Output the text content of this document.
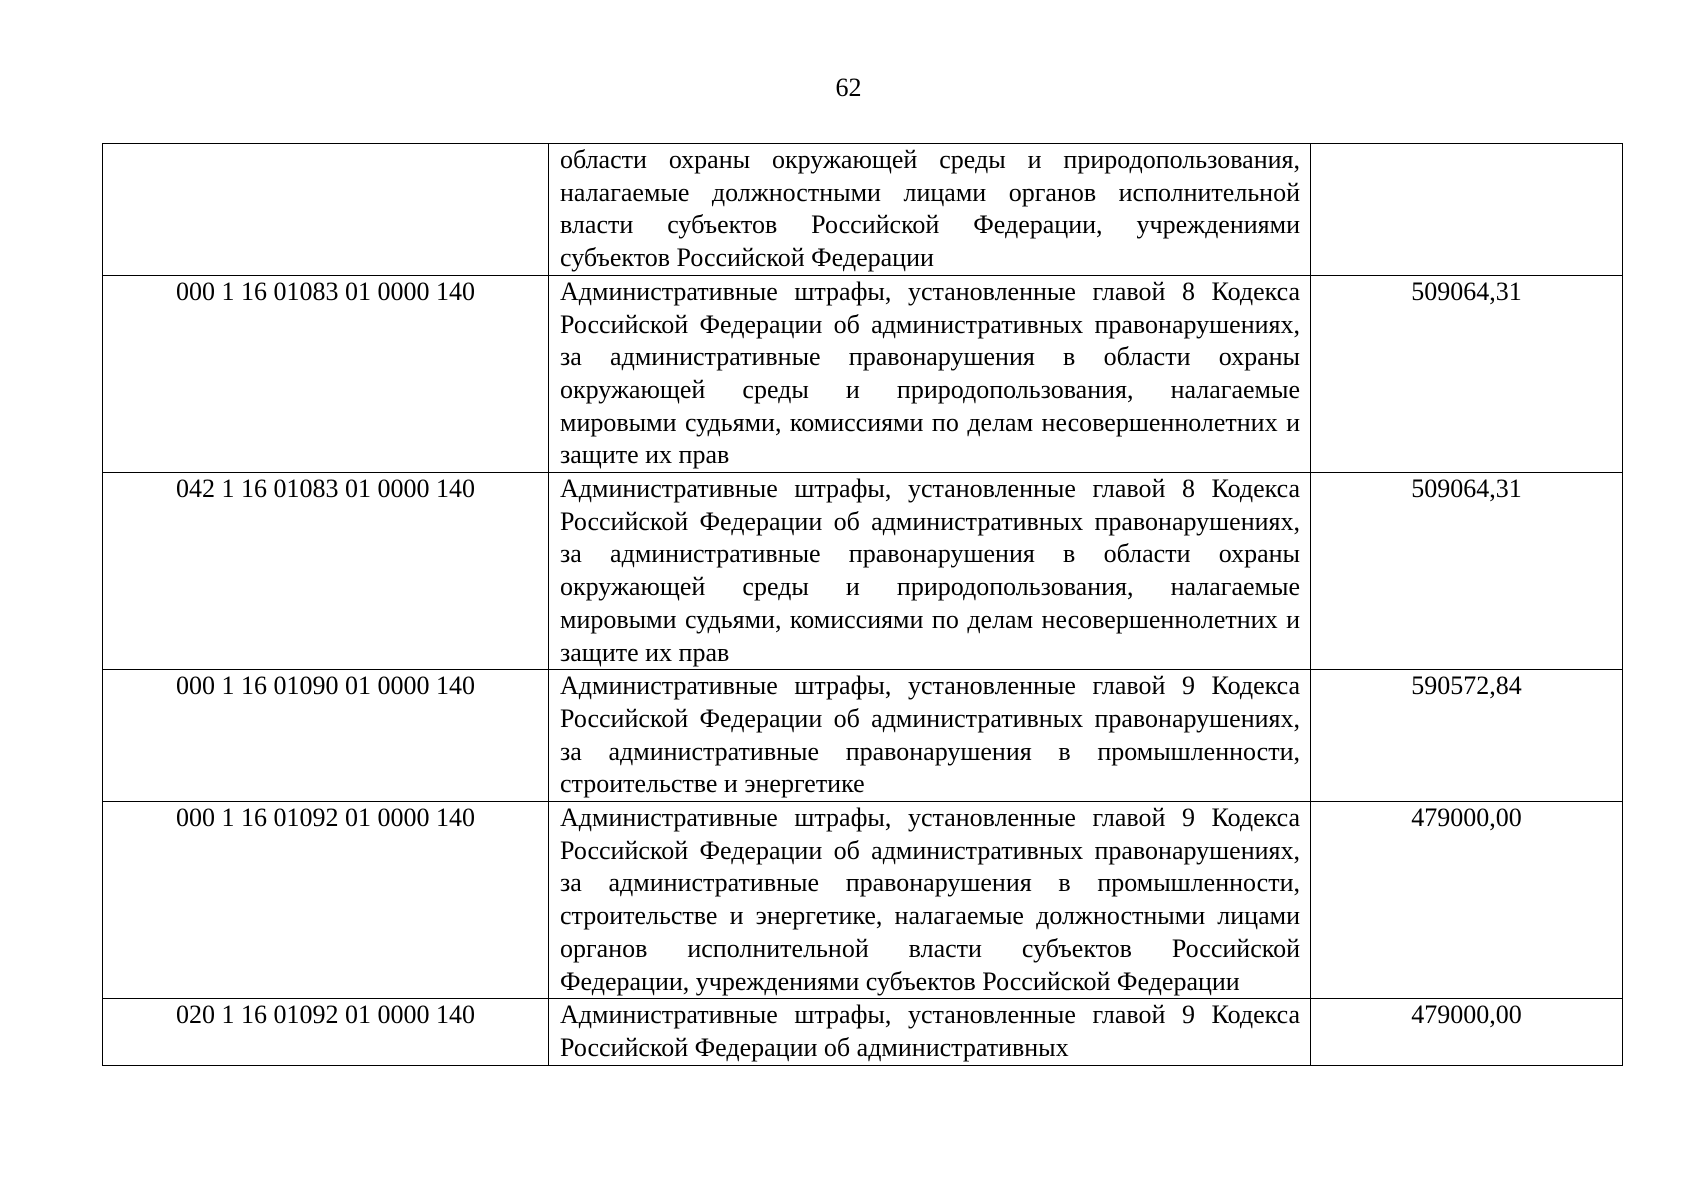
62
	области охраны окружающей среды и природопользования, налагаемые должностными лицами органов исполнительной власти субъектов Российской Федерации, учреждениями субъектов Российской Федерации	
000 1 16 01083 01 0000 140	Административные штрафы, установленные главой 8 Кодекса Российской Федерации об административных правонарушениях, за административные правонарушения в области охраны окружающей среды и природопользования, налагаемые мировыми судьями, комиссиями по делам несовершеннолетних и защите их прав	509064,31
042 1 16 01083 01 0000 140	Административные штрафы, установленные главой 8 Кодекса Российской Федерации об административных правонарушениях, за административные правонарушения в области охраны окружающей среды и природопользования, налагаемые мировыми судьями, комиссиями по делам несовершеннолетних и защите их прав	509064,31
000 1 16 01090 01 0000 140	Административные штрафы, установленные главой 9 Кодекса Российской Федерации об административных правонарушениях, за административные правонарушения в промышленности, строительстве и энергетике	590572,84
000 1 16 01092 01 0000 140	Административные штрафы, установленные главой 9 Кодекса Российской Федерации об административных правонарушениях, за административные правонарушения в промышленности, строительстве и энергетике, налагаемые должностными лицами органов исполнительной власти субъектов Российской Федерации, учреждениями субъектов Российской Федерации	479000,00
020 1 16 01092 01 0000 140	Административные штрафы, установленные главой 9 Кодекса Российской Федерации об административных	479000,00
